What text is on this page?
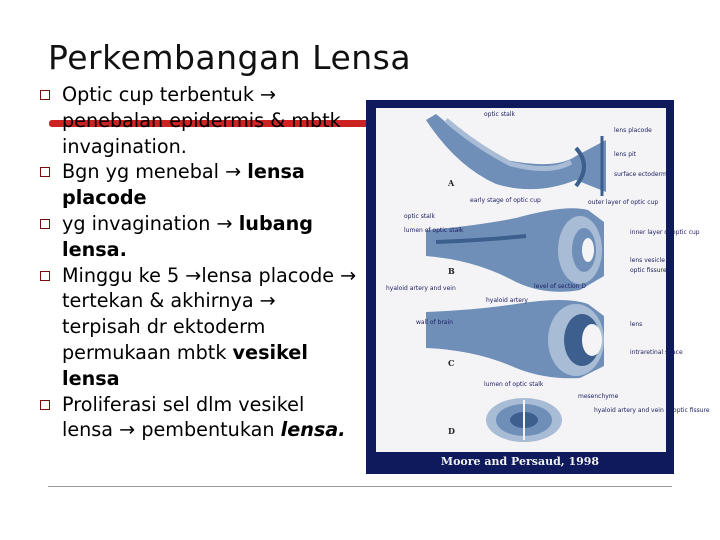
Perkembangan Lensa
Optic cup terbentuk → penebalan epidermis & mbtk invagination.
Bgn yg menebal → lensa placode
yg invagination → lubang lensa.
Minggu ke 5 →lensa placode → tertekan & akhirnya → terpisah dr ektoderm permukaan mbtk vesikel lensa
Proliferasi sel dlm vesikel lensa → pembentukan lensa.
optic stalk
lens placode
lens pit
surface ectoderm
A
early stage of optic cup	outer layer of optic cup
optic stalk
lumen of optic stalk	inner layer of optic cup
lens vesicle
optic fissure
B
hyaloid artery and vein	level of section D
hyaloid artery
wall of brain	lens
intraretinal space
C
lumen of optic stalk
mesenchyme
hyaloid artery and vein in optic fissure
D
Moore and Persaud, 1998
